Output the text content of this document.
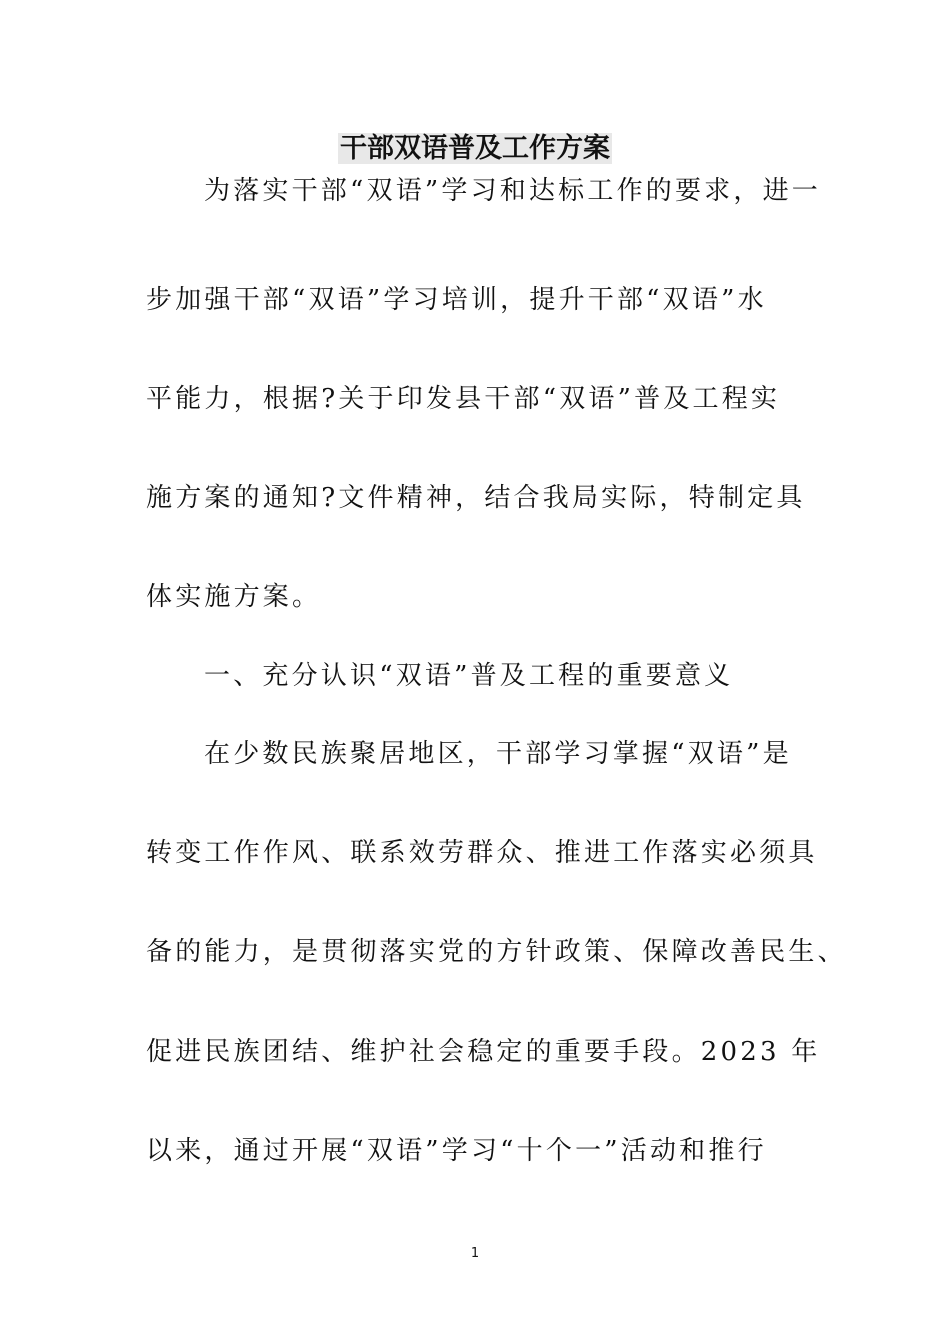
干部双语普及工作方案
为落实干部“双语”学习和达标工作的要求，进一
步加强干部“双语”学习培训，提升干部“双语”水
平能力，根据?关于印发县干部“双语”普及工程实
施方案的通知?文件精神，结合我局实际，特制定具
体实施方案。
一、充分认识“双语”普及工程的重要意义
在少数民族聚居地区，干部学习掌握“双语”是
转变工作作风、联系效劳群众、推进工作落实必须具
备的能力，是贯彻落实党的方针政策、保障改善民生、
促进民族团结、维护社会稳定的重要手段。2023 年
以来，通过开展“双语”学习“十个一”活动和推行
1
